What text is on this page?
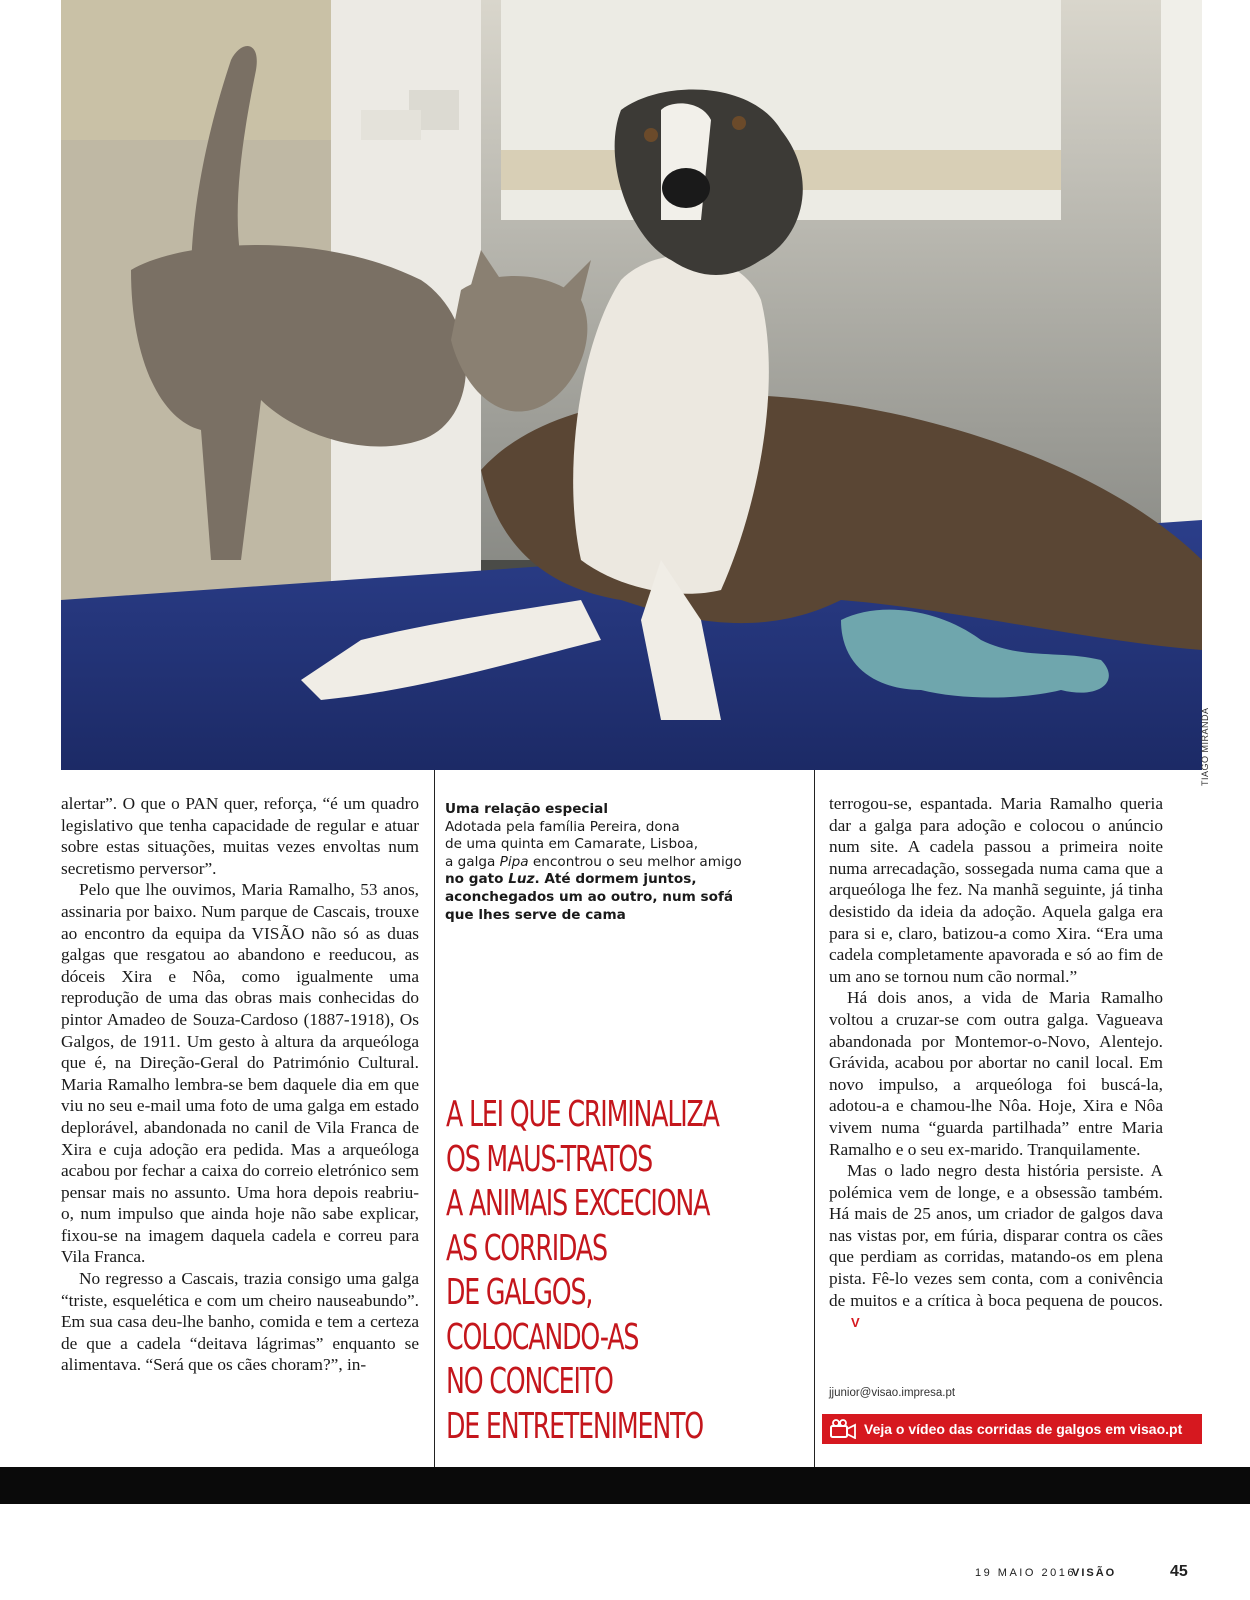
TIAGO MIRANDA

alertar”. O que o PAN quer, reforça, “é um quadro legislativo que tenha capacidade de regular e atuar sobre estas situações, muitas vezes envoltas num secretismo perversor”.

Pelo que lhe ouvimos, Maria Ramalho, 53 anos, assinaria por baixo. Num parque de Cascais, trouxe ao encontro da equipa da VISÃO não só as duas galgas que resgatou ao abandono e reeducou, as dóceis Xira e Nôa, como igualmente uma reprodução de uma das obras mais conhecidas do pintor Amadeo de Souza-Cardoso (1887-1918), Os Galgos, de 1911. Um gesto à altura da arqueóloga que é, na Direção-Geral do Património Cultural. Maria Ramalho lembra-se bem daquele dia em que viu no seu e-mail uma foto de uma galga em estado deplorável, abandonada no canil de Vila Franca de Xira e cuja adoção era pedida. Mas a arqueóloga acabou por fechar a caixa do correio eletrónico sem pensar mais no assunto. Uma hora depois reabriu-o, num impulso que ainda hoje não sabe explicar, fixou-se na imagem daquela cadela e correu para Vila Franca.

No regresso a Cascais, trazia consigo uma galga “triste, esquelética e com um cheiro nauseabundo”. Em sua casa deu-lhe banho, comida e tem a certeza de que a cadela “deitava lágrimas” enquanto se alimentava. “Será que os cães choram?”, in-

Uma relação especial
Adotada pela família Pereira, dona
de uma quinta em Camarate, Lisboa,
a galga Pipa encontrou o seu melhor amigo
no gato Luz. Até dormem juntos,
aconchegados um ao outro, num sofá
que lhes serve de cama
A LEI QUE CRIMINALIZA
OS MAUS-TRATOS
A ANIMAIS EXCECIONA
AS CORRIDAS
DE GALGOS,
COLOCANDO-AS
NO CONCEITO
DE ENTRETENIMENTO

terrogou-se, espantada. Maria Ramalho queria dar a galga para adoção e colocou o anúncio num site. A cadela passou a primeira noite numa arrecadação, sossegada numa cama que a arqueóloga lhe fez. Na manhã seguinte, já tinha desistido da ideia da adoção. Aquela galga era para si e, claro, batizou-a como Xira. “Era uma cadela completamente apavorada e só ao fim de um ano se tornou num cão normal.”

Há dois anos, a vida de Maria Ramalho voltou a cruzar-se com outra galga. Vagueava abandonada por Montemor-o-Novo, Alentejo. Grávida, acabou por abortar no canil local. Em novo impulso, a arqueóloga foi buscá-la, adotou-a e chamou-lhe Nôa. Hoje, Xira e Nôa vivem numa “guarda partilhada” entre Maria Ramalho e o seu ex-marido. Tranquilamente.

Mas o lado negro desta história persiste. A polémica vem de longe, e a obsessão também. Há mais de 25 anos, um criador de galgos dava nas vistas por, em fúria, disparar contra os cães que perdiam as corridas, matando-os em plena pista. Fê-lo vezes sem conta, com a conivência de muitos e a crítica à boca pequena de poucos.V

jjunior@visao.impresa.pt
Veja o vídeo das corridas de galgos em visao.pt
19 MAIO 2016
VISÃO	45
